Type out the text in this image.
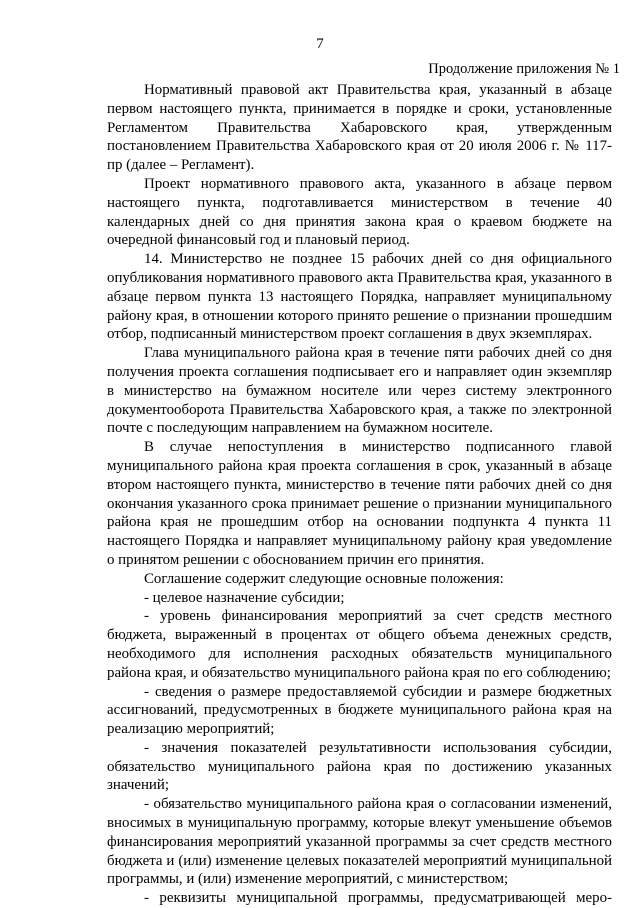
7
Продолжение приложения № 1

Нормативный правовой акт Правительства края, указанный в абзаце первом настоящего пункта, принимается в порядке и сроки, установленные Регламентом Правительства Хабаровского края, утвержденным постановлением Правительства Хабаровского края от 20 июля 2006 г. № 117-пр (далее – Регламент).

Проект нормативного правового акта, указанного в абзаце первом настоящего пункта, подготавливается министерством в течение 40 календарных дней со дня принятия закона края о краевом бюджете на очередной финансовый год и плановый период.

14. Министерство не позднее 15 рабочих дней со дня официального опубликования нормативного правового акта Правительства края, указанного в абзаце первом пункта 13 настоящего Порядка, направляет муниципальному району края, в отношении которого принято решение о признании прошедшим отбор, подписанный министерством проект соглашения в двух экземплярах.

Глава муниципального района края в течение пяти рабочих дней со дня получения проекта соглашения подписывает его и направляет один экземпляр в министерство на бумажном носителе или через систему электронного документооборота Правительства Хабаровского края, а также по электронной почте с последующим направлением на бумажном носителе.

В случае непоступления в министерство подписанного главой муниципального района края проекта соглашения в срок, указанный в абзаце втором настоящего пункта, министерство в течение пяти рабочих дней со дня окончания указанного срока принимает решение о признании муниципального района края не прошедшим отбор на основании подпункта 4 пункта 11 настоящего Порядка и направляет муниципальному району края уведомление о принятом решении с обоснованием причин его принятия.

Соглашение содержит следующие основные положения:

- целевое назначение субсидии;

- уровень финансирования мероприятий за счет средств местного бюджета, выраженный в процентах от общего объема денежных средств, необходимого для исполнения расходных обязательств муниципального района края, и обязательство муниципального района края по его соблюдению;

- сведения о размере предоставляемой субсидии и размере бюджетных ассигнований, предусмотренных в бюджете муниципального района края на реализацию мероприятий;

- значения показателей результативности использования субсидии, обязательство муниципального района края по достижению указанных значений;

- обязательство муниципального района края о согласовании изменений, вносимых в муниципальную программу, которые влекут уменьшение объемов финансирования мероприятий указанной программы за счет средств местного бюджета и (или) изменение целевых показателей мероприятий муниципальной программы, и (или) изменение мероприятий, с министерством;

- реквизиты муниципальной программы, предусматривающей меро-
